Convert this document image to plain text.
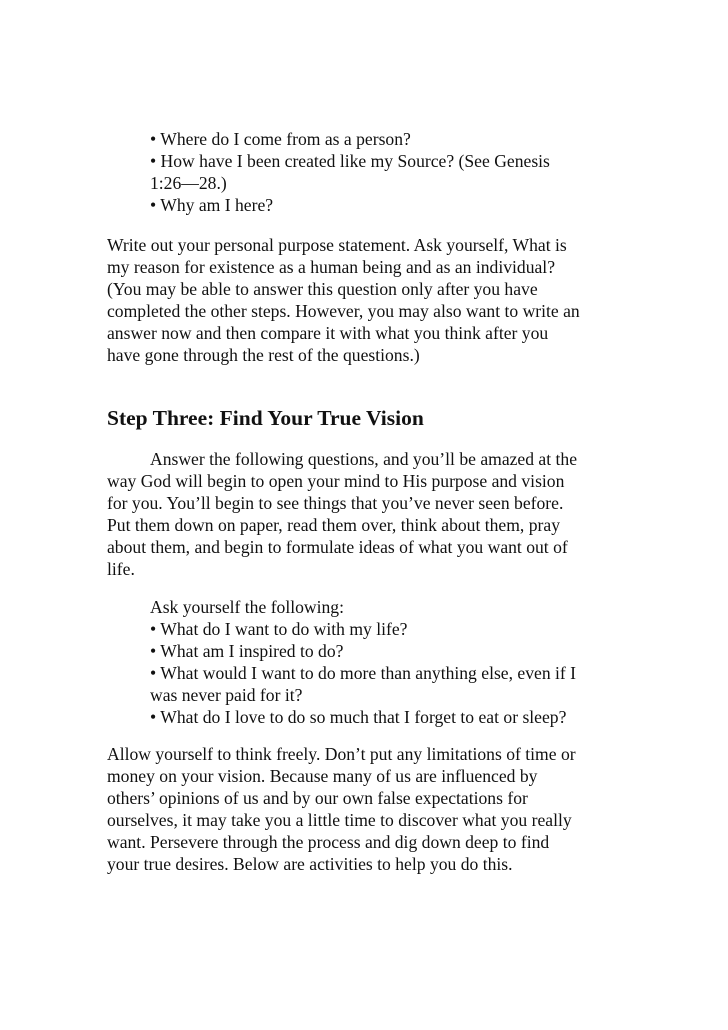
• Where do I come from as a person?
• How have I been created like my Source? (See Genesis
1:26—28.)
• Why am I here?
Write out your personal purpose statement. Ask yourself, What is
my reason for existence as a human being and as an individual?
(You may be able to answer this question only after you have
completed the other steps. However, you may also want to write an
answer now and then compare it with what you think after you
have gone through the rest of the questions.)
Step Three: Find Your True Vision
Answer the following questions, and you’ll be amazed at the
way God will begin to open your mind to His purpose and vision
for you. You’ll begin to see things that you’ve never seen before.
Put them down on paper, read them over, think about them, pray
about them, and begin to formulate ideas of what you want out of
life.
Ask yourself the following:
• What do I want to do with my life?
• What am I inspired to do?
• What would I want to do more than anything else, even if I
was never paid for it?
• What do I love to do so much that I forget to eat or sleep?
Allow yourself to think freely. Don’t put any limitations of time or
money on your vision. Because many of us are influenced by
others’ opinions of us and by our own false expectations for
ourselves, it may take you a little time to discover what you really
want. Persevere through the process and dig down deep to find
your true desires. Below are activities to help you do this.
